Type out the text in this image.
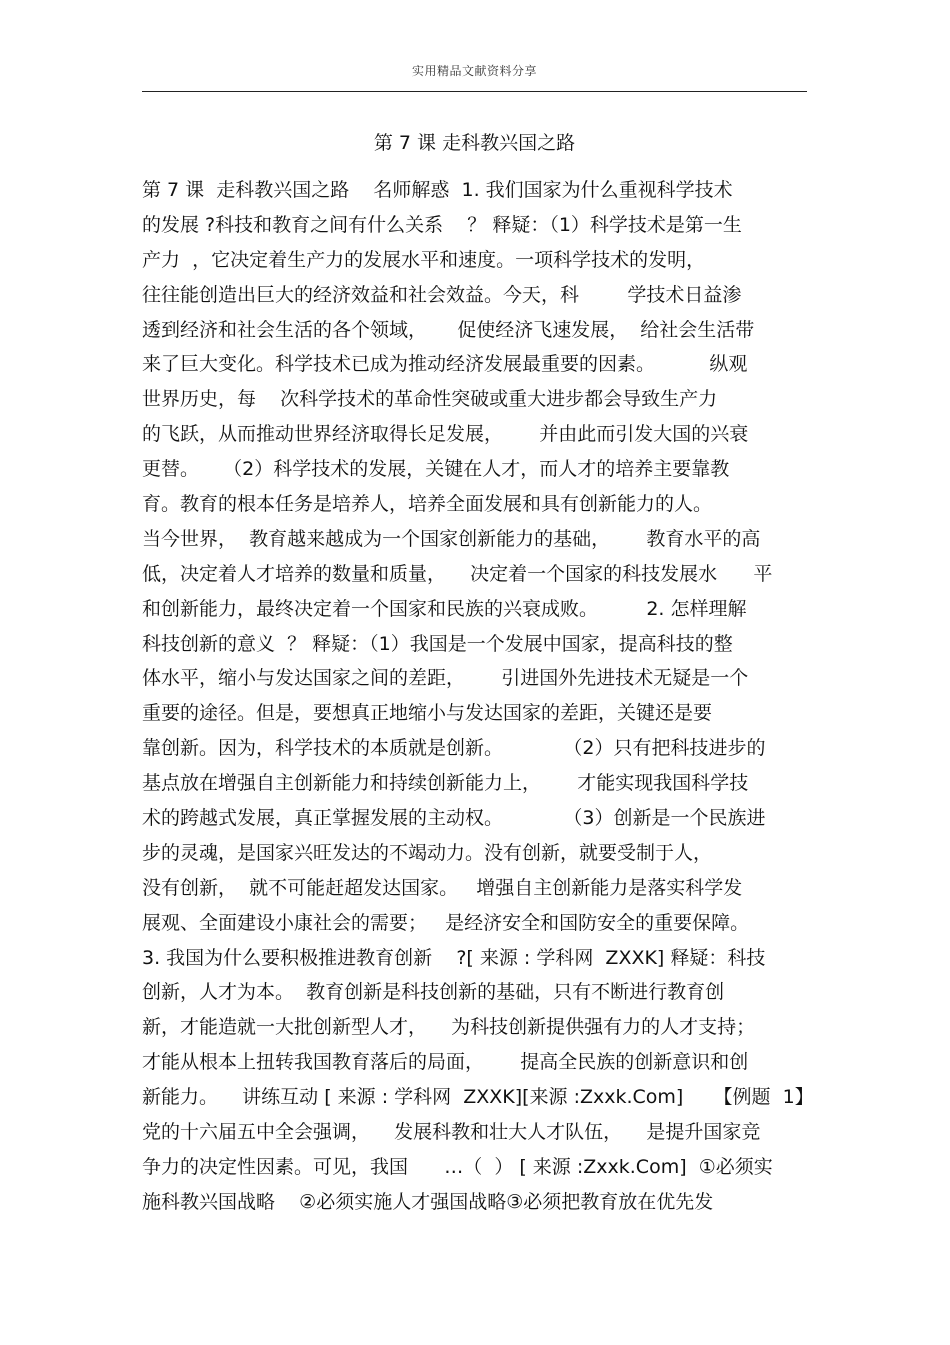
实用精品文献资料分享
第 7 课 走科教兴国之路
第 7 课  走科教兴国之路    名师解惑  1. 我们国家为什么重视科学技术
的发展 ?科技和教育之间有什么关系    ？ 释疑：（1）科学技术是第一生
产力  ，它决定着生产力的发展水平和速度。一项科学技术的发明，
往往能创造出巨大的经济效益和社会效益。今天，科        学技术日益渗
透到经济和社会生活的各个领域，     促使经济飞速发展，  给社会生活带
来了巨大变化。科学技术已成为推动经济发展最重要的因素。         纵观
世界历史，每    次科学技术的革命性突破或重大进步都会导致生产力
的飞跃，从而推动世界经济取得长足发展，      并由此而引发大国的兴衰
更替。    （2）科学技术的发展，关键在人才，而人才的培养主要靠教
育。教育的根本任务是培养人，培养全面发展和具有创新能力的人。
当今世界，  教育越来越成为一个国家创新能力的基础，      教育水平的高
低，决定着人才培养的数量和质量，    决定着一个国家的科技发展水      平
和创新能力，最终决定着一个国家和民族的兴衰成败。        2. 怎样理解
科技创新的意义  ？ 释疑：（1）我国是一个发展中国家，提高科技的整
体水平，缩小与发达国家之间的差距，      引进国外先进技术无疑是一个
重要的途径。但是，要想真正地缩小与发达国家的差距，关键还是要
靠创新。因为，科学技术的本质就是创新。          （2）只有把科技进步的
基点放在增强自主创新能力和持续创新能力上，      才能实现我国科学技
术的跨越式发展，真正掌握发展的主动权。          （3）创新是一个民族进
步的灵魂，是国家兴旺发达的不竭动力。没有创新，就要受制于人，
没有创新，  就不可能赶超发达国家。   增强自主创新能力是落实科学发
展观、全面建设小康社会的需要；   是经济安全和国防安全的重要保障。
3. 我国为什么要积极推进教育创新    ?[ 来源 : 学科网  ZXXK] 释疑：科技
创新，人才为本。  教育创新是科技创新的基础，只有不断进行教育创
新，才能造就一大批创新型人才，    为科技创新提供强有力的人才支持；
才能从根本上扭转我国教育落后的局面，      提高全民族的创新意识和创
新能力。    讲练互动 [ 来源 : 学科网  ZXXK][来源 :Zxxk.Com]     【例题  1】
党的十六届五中全会强调，    发展科教和壮大人才队伍，    是提升国家竞
争力的决定性因素。可见，我国      …（  ） [ 来源 :Zxxk.Com]  ①必须实
施科教兴国战略    ②必须实施人才强国战略③必须把教育放在优先发
